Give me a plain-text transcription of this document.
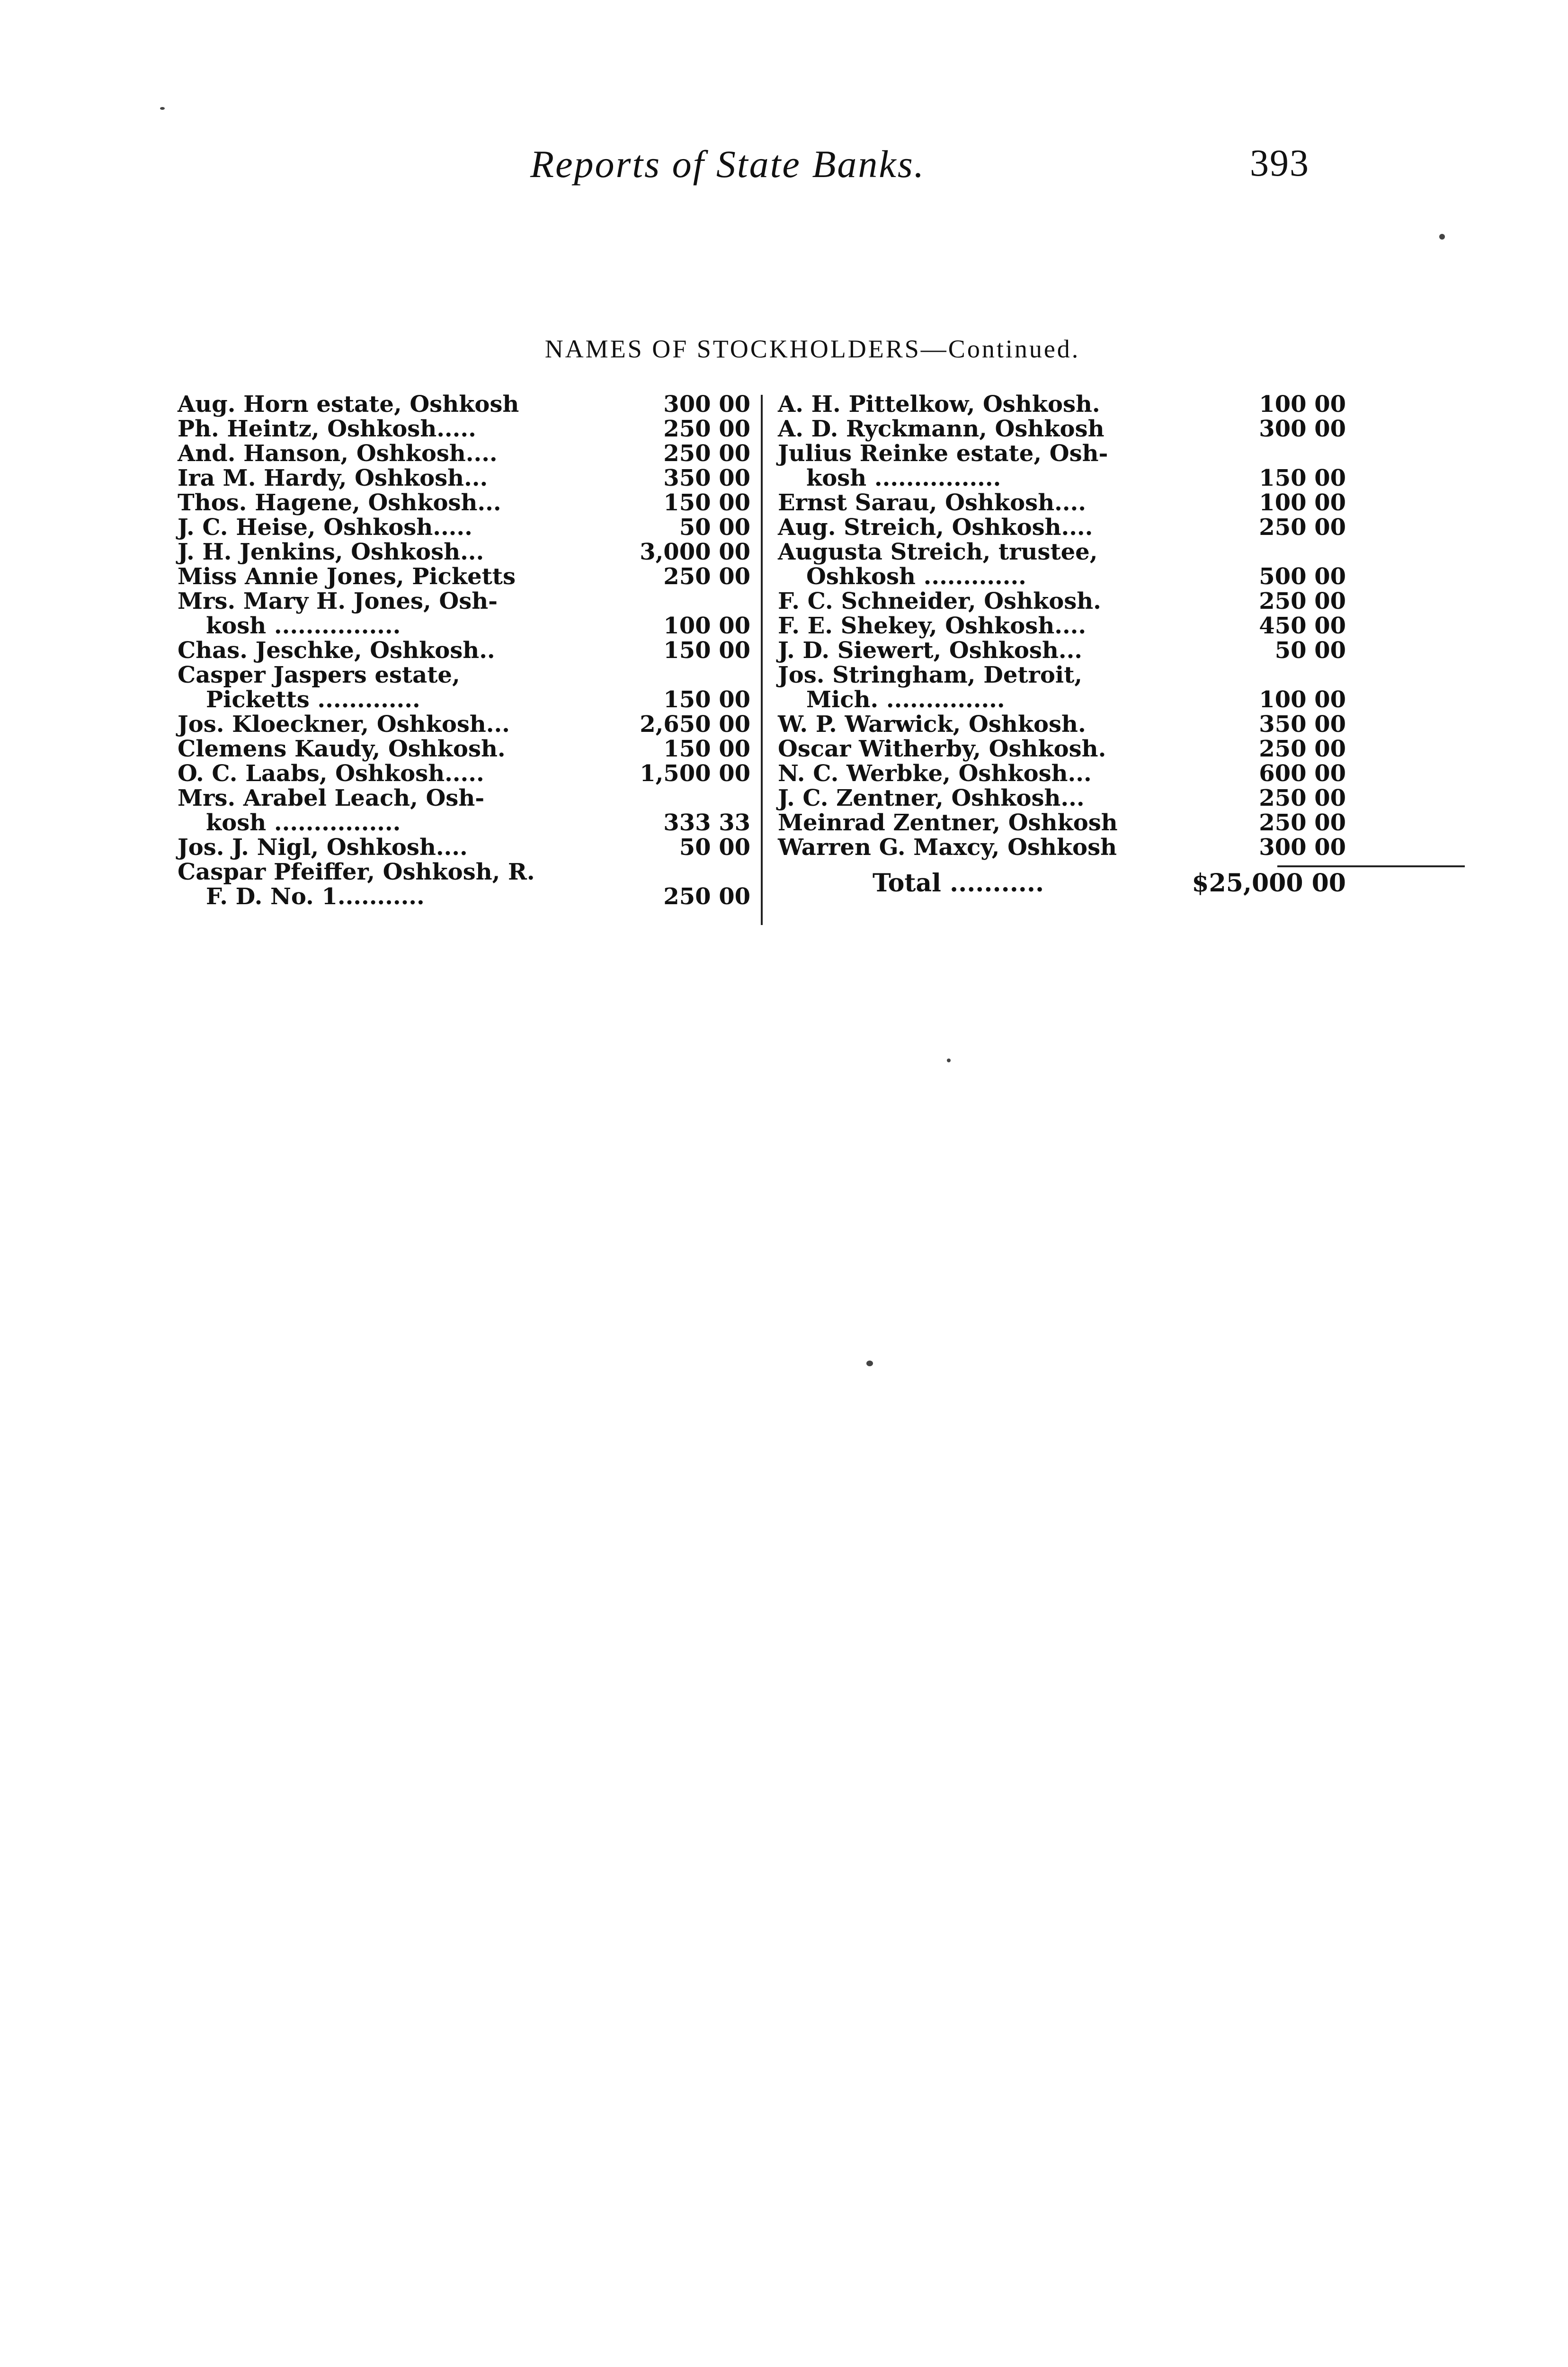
Reports of State Banks.	393
NAMES OF STOCKHOLDERS—Continued.
Aug. Horn estate, Oshkosh	300 00
Ph. Heintz, Oshkosh.....	250 00
And. Hanson, Oshkosh....	250 00
Ira M. Hardy, Oshkosh...	350 00
Thos. Hagene, Oshkosh...	150 00
J. C. Heise, Oshkosh.....	50 00
J. H. Jenkins, Oshkosh...	3,000 00
Miss Annie Jones, Picketts	250 00
Mrs. Mary H. Jones, Osh-
kosh ................	100 00
Chas. Jeschke, Oshkosh..	150 00
Casper Jaspers estate,
Picketts .............	150 00
Jos. Kloeckner, Oshkosh...	2,650 00
Clemens Kaudy, Oshkosh.	150 00
O. C. Laabs, Oshkosh.....	1,500 00
Mrs. Arabel Leach, Osh-
kosh ................	333 33
Jos. J. Nigl, Oshkosh....	50 00
Caspar Pfeiffer, Oshkosh, R.
F. D. No. 1...........	250 00
A. H. Pittelkow, Oshkosh.	100 00
A. D. Ryckmann, Oshkosh	300 00
Julius Reinke estate, Osh-
kosh ................	150 00
Ernst Sarau, Oshkosh....	100 00
Aug. Streich, Oshkosh....	250 00
Augusta Streich, trustee,
Oshkosh .............	500 00
F. C. Schneider, Oshkosh.	250 00
F. E. Shekey, Oshkosh....	450 00
J. D. Siewert, Oshkosh...	50 00
Jos. Stringham, Detroit,
Mich. ...............	100 00
W. P. Warwick, Oshkosh.	350 00
Oscar Witherby, Oshkosh.	250 00
N. C. Werbke, Oshkosh...	600 00
J. C. Zentner, Oshkosh...	250 00
Meinrad Zentner, Oshkosh	250 00
Warren G. Maxcy, Oshkosh	300 00
Total ...........	$25,000 00
